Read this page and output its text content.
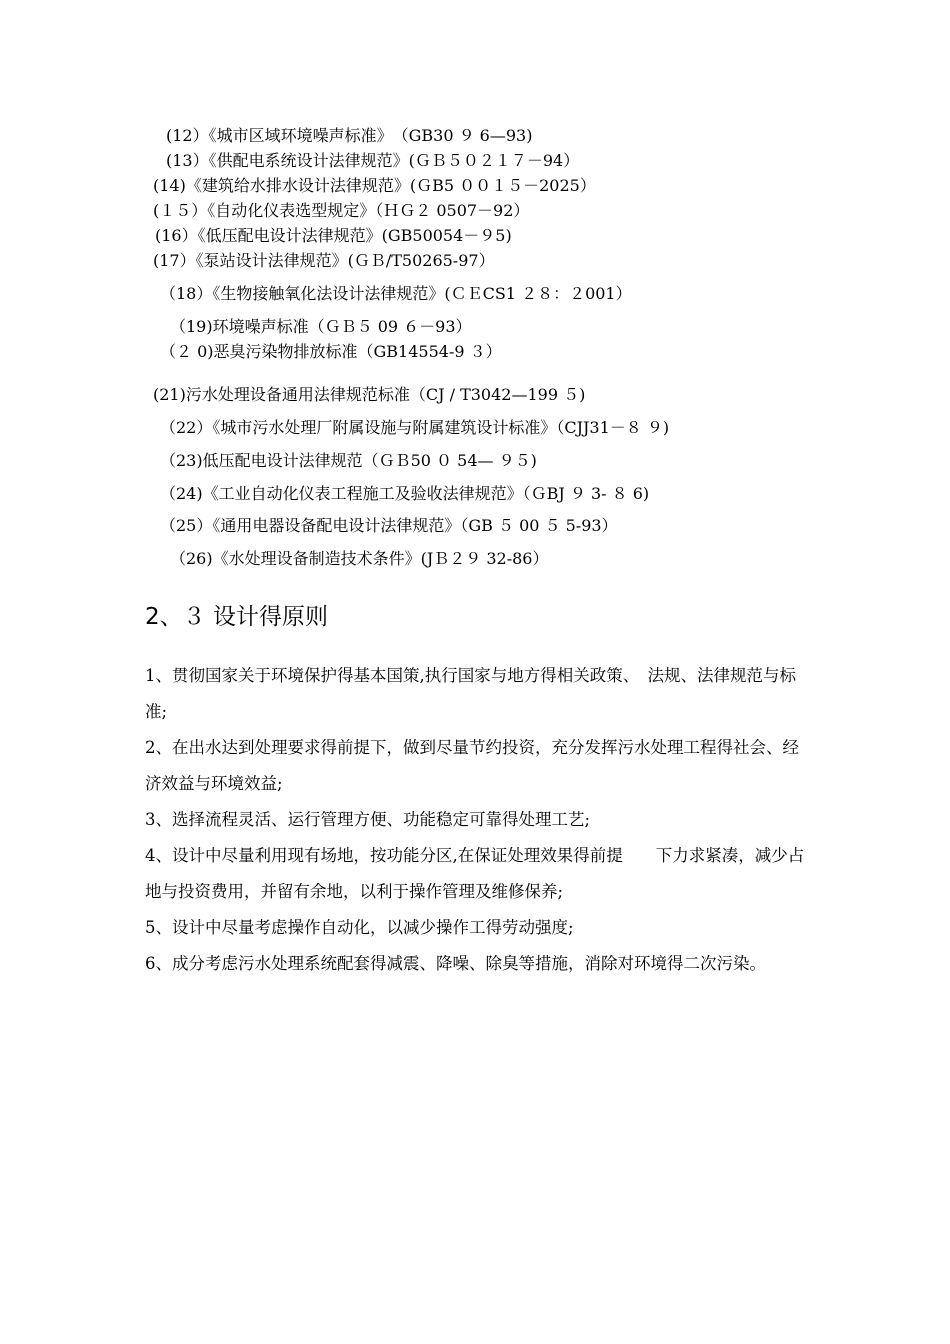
(12）《城市区域环境噪声标准》　（GB30 ９ 6—93)
(13）《供配电系统设计法律规范》(ＧＢ５０２１７－94）
(14)《建筑给水排水设计法律规范》(ＧB5 ００１５－2025）
(１５）《自动化仪表选型规定》（ＨＧ２ 0507－92）
(16）《低压配电设计法律规范》(GB50054－９5)
(17）《泵站设计法律规范》(ＧＢ/T50265-97）
（18）《生物接触氧化法设计法律规范》(ＣＥCS1 ２８：２001）
（19)环境噪声标准（ＧＢ５ 09 ６－93）
（２ 0)恶臭污染物排放标准（GB14554-9 ３）
(21)污水处理设备通用法律规范标准（CJ / T3042—199 ５)
（22）《城市污水处理厂附属设施与附属建筑设计标准》（CJJ31－８ ９)
（23)低压配电设计法律规范（ＧＢ50 ０ 54— ９５)
（24)《工业自动化仪表工程施工及验收法律规范》（ＧBJ ９ 3- ８ 6)
（25）《通用电器设备配电设计法律规范》（GB ５ 00 ５ 5-93）
（26)《水处理设备制造技术条件》(JＢ２９ 32-86）
2、３ 设计得原则
1、贯彻国家关于环境保护得基本国策,执行国家与地方得相关政策、　法规、法律规范与标准;
2、在出水达到处理要求得前提下，做到尽量节约投资，充分发挥污水处理工程得社会、经济效益与环境效益;
3、选择流程灵活、运行管理方便、功能稳定可靠得处理工艺;
4、设计中尽量利用现有场地，按功能分区,在保证处理效果得前提　　下力求紧凑，减少占地与投资费用，并留有余地，以利于操作管理及维修保养;
5、设计中尽量考虑操作自动化，以减少操作工得劳动强度;
6、成分考虑污水处理系统配套得减震、降噪、除臭等措施，消除对环境得二次污染。
